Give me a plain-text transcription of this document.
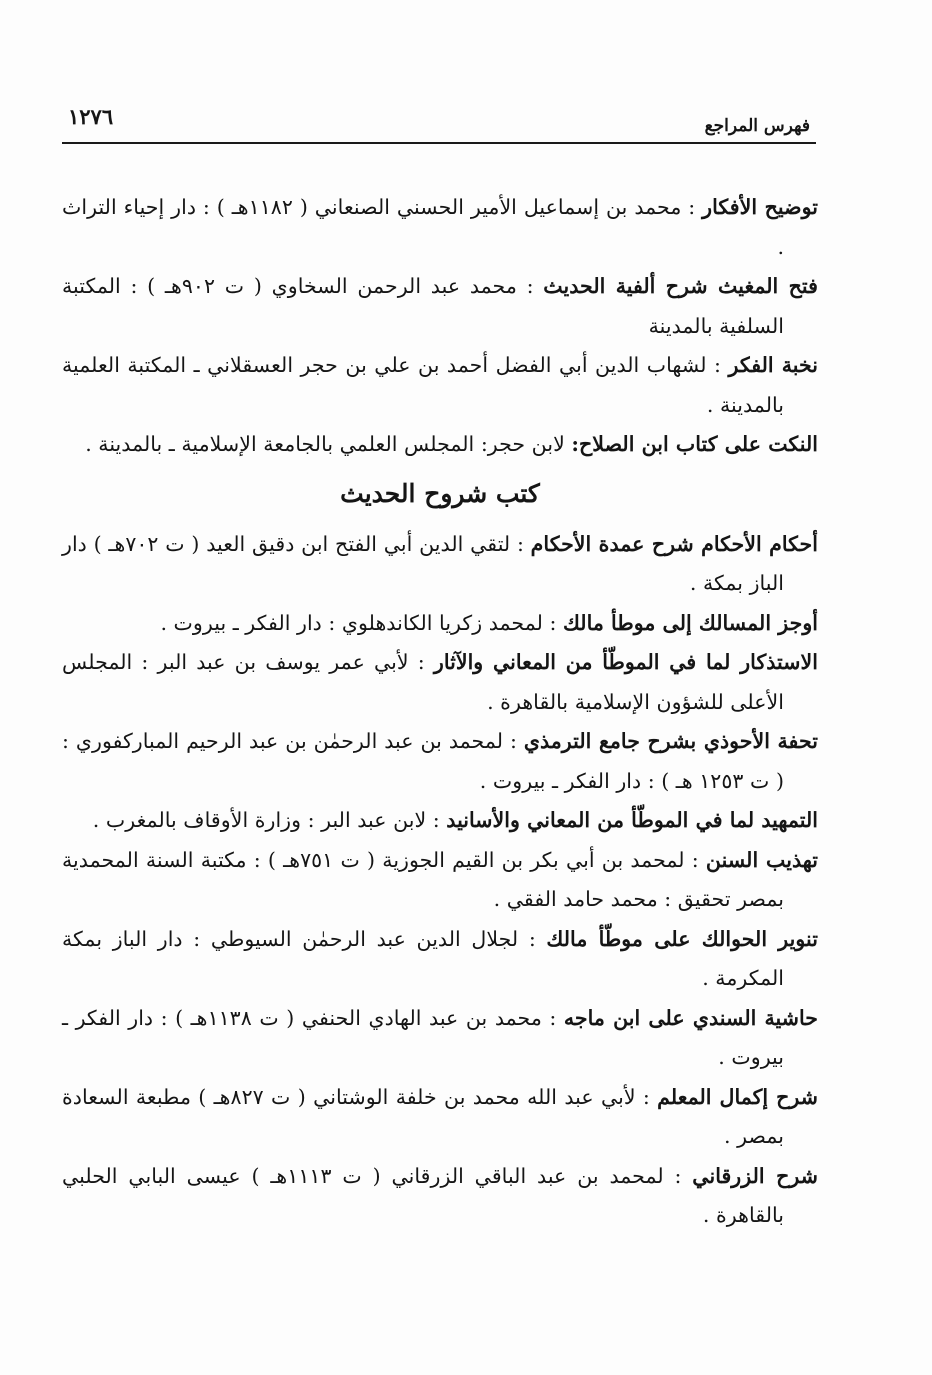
فهرس المراجع
١٢٧٦

توضيح الأفكار : محمد بن إسماعيل الأمير الحسني الصنعاني ( ١١٨٢هـ ) : دار إحياء التراث .

فتح المغيث شرح ألفية الحديث : محمد عبد الرحمن السخاوي ( ت ٩٠٢هـ ) : المكتبة السلفية بالمدينة

نخبة الفكر : لشهاب الدين أبي الفضل أحمد بن علي بن حجر العسقلاني ـ المكتبة العلمية بالمدينة .

النكت على كتاب ابن الصلاح: لابن حجر: المجلس العلمي بالجامعة الإسلامية ـ بالمدينة .

كتب شروح الحديث

أحكام الأحكام شرح عمدة الأحكام : لتقي الدين أبي الفتح ابن دقيق العيد ( ت ٧٠٢هـ ) دار الباز بمكة .

أوجز المسالك إلى موطأ مالك : لمحمد زكريا الكاندهلوي : دار الفكر ـ بيروت .

الاستذكار لما في الموطّأ من المعاني والآثار : لأبي عمر يوسف بن عبد البر : المجلس الأعلى للشؤون الإسلامية بالقاهرة .

تحفة الأحوذي بشرح جامع الترمذي : لمحمد بن عبد الرحمٰن بن عبد الرحيم المباركفوري : ( ت ١٢٥٣ هـ ) : دار الفكر ـ بيروت .

التمهيد لما في الموطّأ من المعاني والأسانيد : لابن عبد البر : وزارة الأوقاف بالمغرب .

تهذيب السنن : لمحمد بن أبي بكر بن القيم الجوزية ( ت ٧٥١هـ ) : مكتبة السنة المحمدية بمصر تحقيق : محمد حامد الفقي .

تنوير الحوالك على موطّأ مالك : لجلال الدين عبد الرحمٰن السيوطي : دار الباز بمكة المكرمة .

حاشية السندي على ابن ماجه : محمد بن عبد الهادي الحنفي ( ت ١١٣٨هـ ) : دار الفكر ـ بيروت .

شرح إكمال المعلم : لأبي عبد الله محمد بن خلفة الوشتاني ( ت ٨٢٧هـ ) مطبعة السعادة بمصر .

شرح الزرقاني : لمحمد بن عبد الباقي الزرقاني ( ت ١١١٣هـ ) عيسى البابي الحلبي بالقاهرة .
